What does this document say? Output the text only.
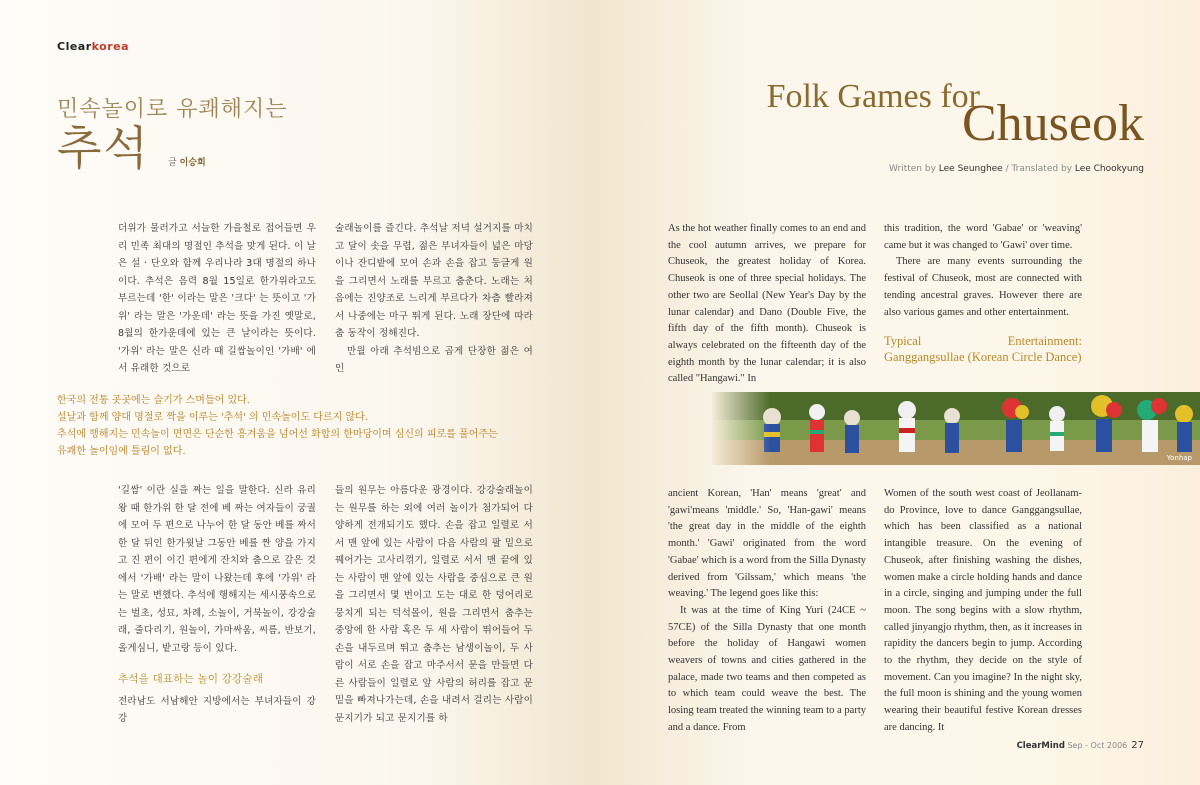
Clearkorea
민속놀이로 유쾌해지는
추석 글 이승희
Folk Games for
Chuseok
Written by Lee Seunghee / Translated by Lee Chookyung

더위가 물러가고 서늘한 가을철로 접어들면 우리 민족 최대의 명절인 추석을 맞게 된다. 이 날은 설 · 단오와 함께 우리나라 3대 명절의 하나이다. 추석은 음력 8월 15일로 한가위라고도 부르는데 '한' 이라는 말은 '크다' 는 뜻이고 '가위' 라는 말은 '가운데' 라는 뜻을 가진 옛말로, 8월의 한가운데에 있는 큰 날이라는 뜻이다. '가위' 라는 말은 신라 때 길쌈놀이인 '가배' 에서 유래한 것으로

술래놀이를 즐긴다. 추석날 저녁 설거지를 마치고 달이 솟을 무렵, 젊은 부녀자들이 넓은 마당이나 잔디밭에 모여 손과 손을 잡고 둥글게 원을 그리면서 노래를 부르고 춤춘다. 노래는 처음에는 진양조로 느리게 부르다가 차츰 빨라져서 나중에는 마구 뛰게 된다. 노래 장단에 따라 춤 동작이 정해진다.

만월 아래 추석빔으로 곱게 단장한 젊은 여인

한국의 전통 곳곳에는 슬기가 스며들어 있다.
설날과 함께 양대 명절로 짝을 이루는 '추석' 의 민속놀이도 다르지 않다.
추석에 행해지는 민속놀이 면면은 단순한 흥겨움을 넘어선 화합의 한마당이며 심신의 피로를 풀어주는
유쾌한 놀이임에 틀림이 없다.

'길쌈' 이란 실을 짜는 일을 말한다. 신라 유리왕 때 한가위 한 달 전에 베 짜는 여자들이 궁궐에 모여 두 편으로 나누어 한 달 동안 베를 짜서 한 달 뒤인 한가윗날 그동안 베를 짠 양을 가지고 진 편이 이긴 편에게 잔치와 춤으로 갚은 것에서 '가배' 라는 말이 나왔는데 후에 '가위' 라는 말로 변했다. 추석에 행해지는 세시풍속으로는 벌초, 성묘, 차례, 소놀이, 거북놀이, 강강술래, 줄다리기, 원놀이, 가마싸움, 씨름, 반보기, 올게심니, 밭고랑 등이 있다.

추석을 대표하는 놀이 강강술래

전라남도 서남해안 지방에서는 부녀자들이 강강

들의 원무는 아름다운 광경이다. 강강술래놀이는 원무를 하는 외에 여러 놀이가 첨가되어 다양하게 전개되기도 했다. 손을 잡고 일렬로 서서 맨 앞에 있는 사람이 다음 사람의 팔 밑으로 꿰어가는 고사리꺾기, 일렬로 서서 맨 끝에 있는 사람이 맨 앞에 있는 사람을 중심으로 큰 원을 그리면서 몇 번이고 도는 대로 한 덩어리로 뭉치게 되는 덕석몰이, 원을 그리면서 춤추는 중앙에 한 사람 혹은 두 세 사람이 뛰어들어 두 손을 내두르며 뛰고 춤추는 남생이놀이, 두 사람이 서로 손을 잡고 마주서서 문을 만들면 다른 사람들이 일렬로 앞 사람의 허리를 잡고 문 밑을 빠져나가는데, 손을 내려서 걸리는 사람이 문지기가 되고 문지기를 하

As the hot weather finally comes to an end and the cool autumn arrives, we prepare for Chuseok, the greatest holiday of Korea. Chuseok is one of three special holidays. The other two are Seollal (New Year's Day by the lunar calendar) and Dano (Double Five, the fifth day of the fifth month). Chuseok is always celebrated on the fifteenth day of the eighth month by the lunar calendar; it is also called "Hangawi." In

this tradition, the word 'Gabae' or 'weaving' came but it was changed to 'Gawi' over time.

There are many events surrounding the festival of Chuseok, most are connected with tending ancestral graves. However there are also various games and other entertainment.

Typical Entertainment: Ganggangsullae (Korean Circle Dance)
Yonhap

ancient Korean, 'Han' means 'great' and 'gawi'means 'middle.' So, 'Han-gawi' means 'the great day in the middle of the eighth month.' 'Gawi' originated from the word 'Gabae' which is a word from the Silla Dynasty derived from 'Gilssam,' which means 'the weaving.' The legend goes like this:

It was at the time of King Yuri (24CE ~ 57CE) of the Silla Dynasty that one month before the holiday of Hangawi women weavers of towns and cities gathered in the palace, made two teams and then competed as to which team could weave the best. The losing team treated the winning team to a party and a dance. From

Women of the south west coast of Jeollanam-do Province, love to dance Ganggangsullae, which has been classified as a national intangible treasure. On the evening of Chuseok, after finishing washing the dishes, women make a circle holding hands and dance in a circle, singing and jumping under the full moon. The song begins with a slow rhythm, called jinyangjo rhythm, then, as it increases in rapidity the dancers begin to jump. According to the rhythm, they decide on the style of movement. Can you imagine? In the night sky, the full moon is shining and the young women wearing their beautiful festive Korean dresses are dancing. It

ClearMind Sep - Oct 2006 27
